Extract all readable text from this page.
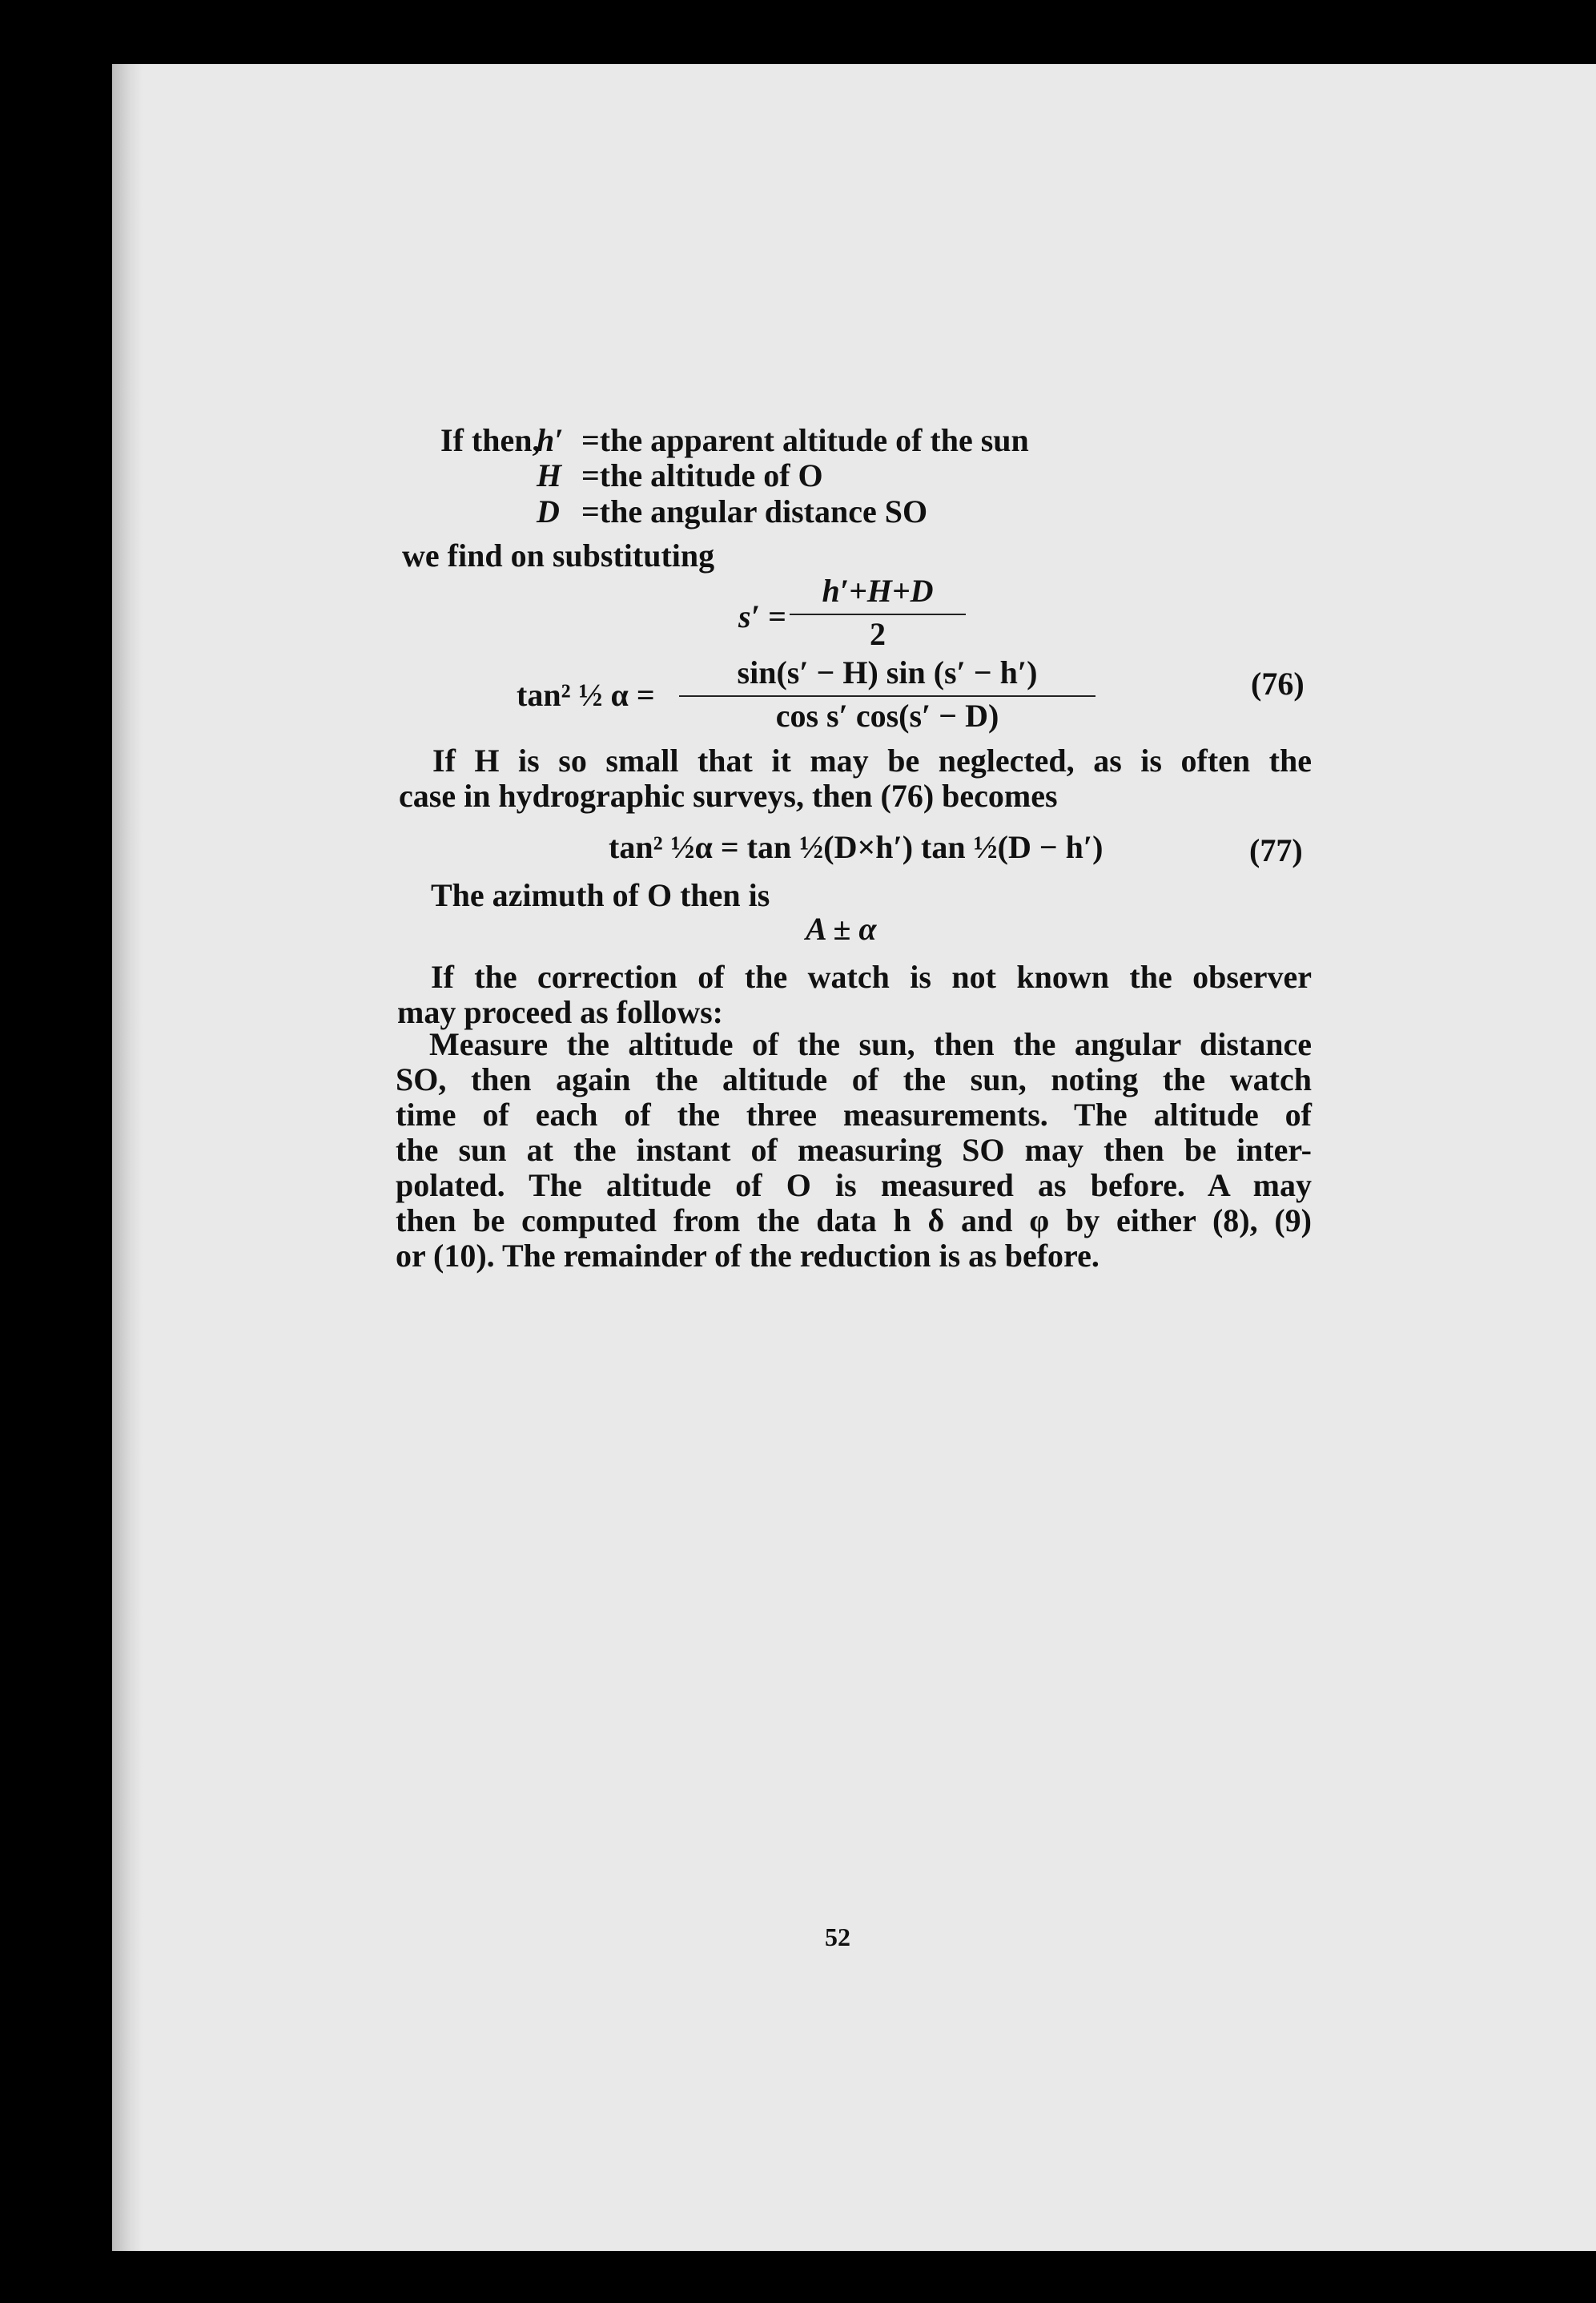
If then,
h′ =the apparent altitude of the sun
H =the altitude of O
D =the angular distance SO
we find on substituting
s′ =
h′+H+D
2
tan² ½ α =
sin(s′ − H) sin (s′ − h′)
cos s′ cos(s′ − D)
(76)
If H is so small that it may be neglected, as is often the
case in hydrographic surveys, then (76) becomes
tan² ½α = tan ½(D×h′) tan ½(D − h′)	(77)
The azimuth of O then is
A ± α
If the correction of the watch is not known the observer
may proceed as follows:
Measure the altitude of the sun, then the angular distance
SO, then again the altitude of the sun, noting the watch
time of each of the three measurements. The altitude of
the sun at the instant of measuring SO may then be inter-
polated. The altitude of O is measured as before. A may
then be computed from the data h δ and φ by either (8), (9)
or (10). The remainder of the reduction is as before.
52
